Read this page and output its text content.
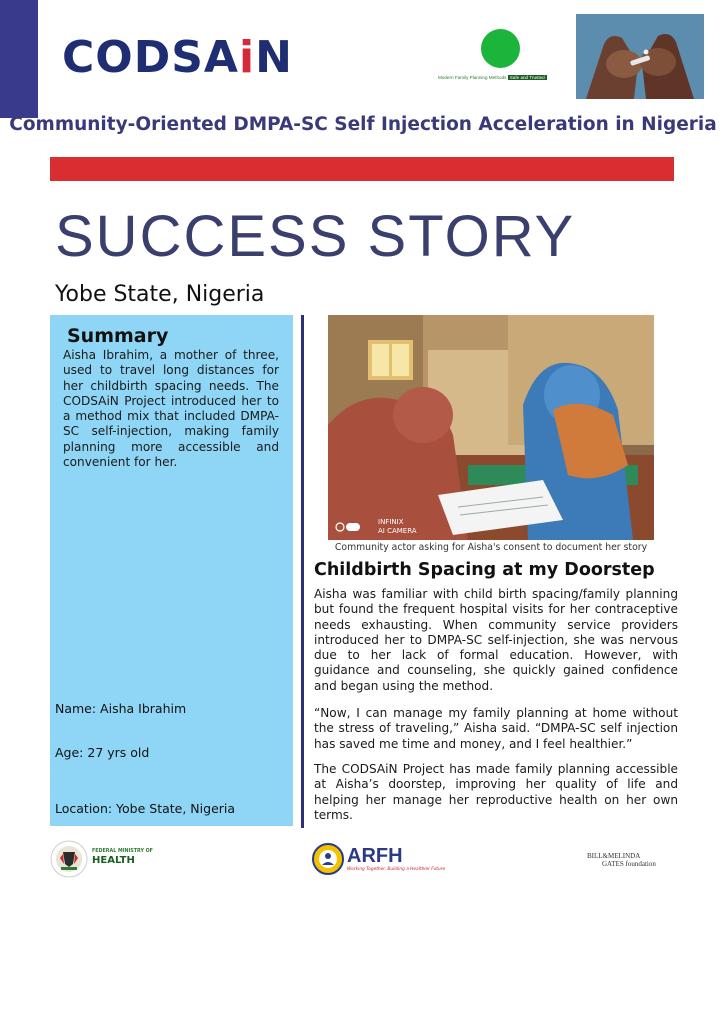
CODSAiN	Modern Family Planning Methods Safe and Trusted
Community-Oriented DMPA-SC Self Injection Acceleration in Nigeria
SUCCESS STORY
Yobe State, Nigeria
Summary
Aisha Ibrahim, a mother of three, used to travel long distances for her childbirth spacing needs. The CODSAiN Project introduced her to a method mix that included DMPA-SC self-injection, making family planning more accessible and convenient for her.
Name: Aisha Ibrahim
Age: 27 yrs old
Location: Yobe State, Nigeria
INFINIX
AI CAMERA
Community actor asking for Aisha's consent to document her story
Childbirth Spacing at my Doorstep
Aisha was familiar with child birth spacing/family planning but found the frequent hospital visits for her contraceptive needs exhausting. When community service providers introduced her to DMPA-SC self-injection, she was nervous due to her lack of formal education. However, with guidance and counseling, she quickly gained confidence and began using the method.
“Now, I can manage my family planning at home without the stress of traveling,” Aisha said. “DMPA-SC self injection has saved me time and money, and I feel healthier.”
The CODSAiN Project has made family planning accessible at Aisha’s doorstep, improving her quality of life and helping her manage her reproductive health on her own terms.
FEDERAL MINISTRY OF
HEALTH	ARFH
Working Together, Building a Healthier Future
BILL&MELINDA
GATES foundation
